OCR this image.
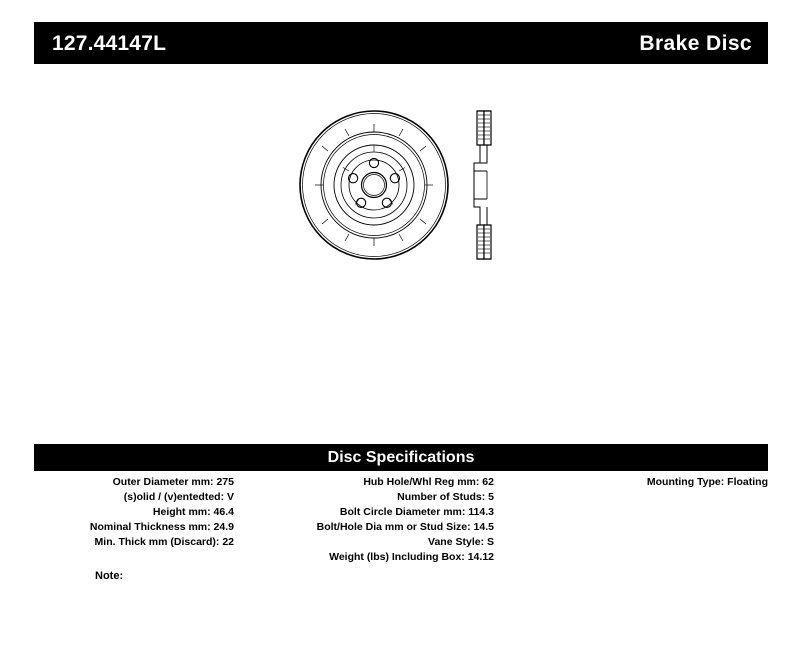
127.44147L	Brake Disc
Disc Specifications
Outer Diameter mm: 275
(s)olid / (v)entedted: V
Height mm: 46.4
Nominal Thickness mm: 24.9
Min. Thick mm (Discard): 22
Hub Hole/Whl Reg mm: 62
Number of Studs: 5
Bolt Circle Diameter mm: 114.3
Bolt/Hole Dia mm or Stud Size: 14.5
Vane Style: S
Weight (lbs) Including Box: 14.12
Mounting Type: Floating
Note:
